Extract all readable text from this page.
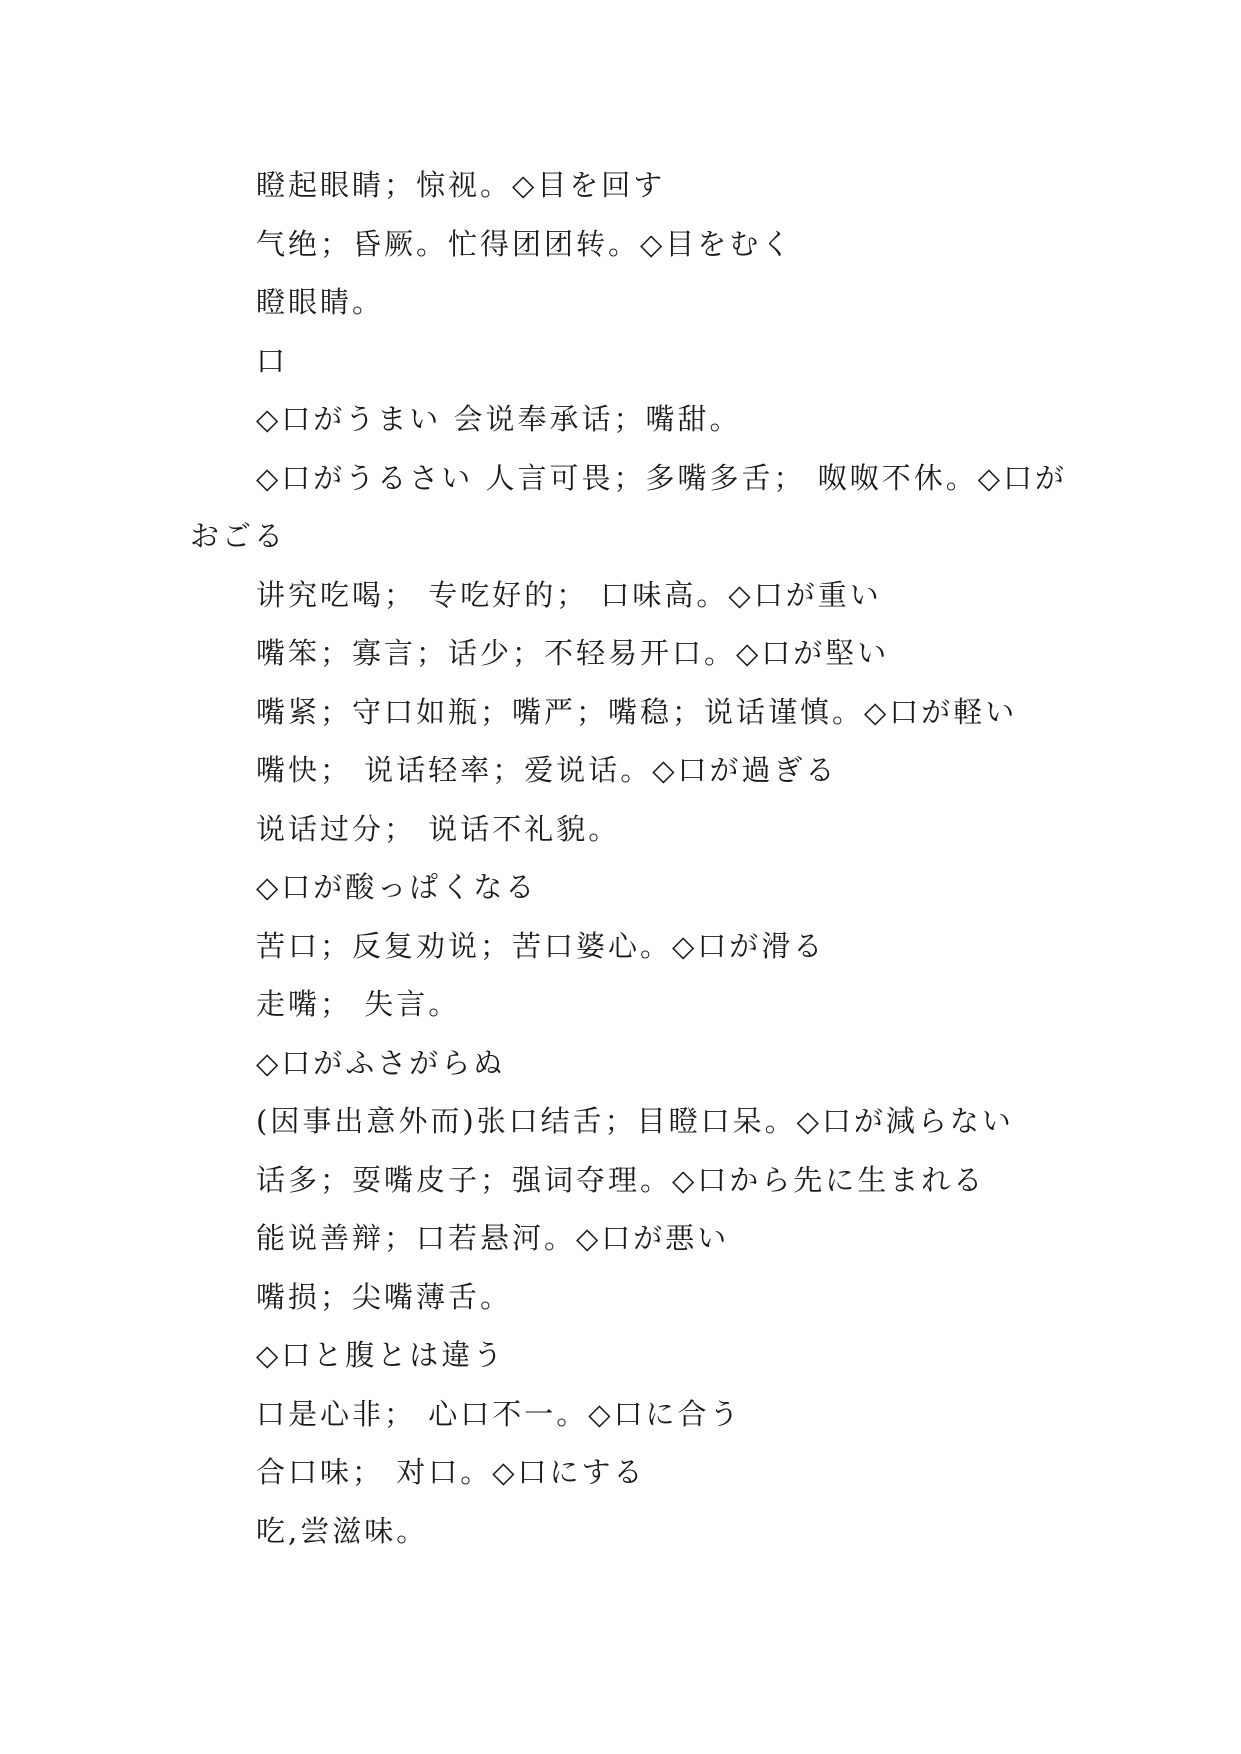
瞪起眼睛；惊视。◇目を回す

气绝；昏厥。忙得团团转。◇目をむく

瞪眼睛。

口

◇口がうまい 会说奉承话；嘴甜。

◇口がうるさい 人言可畏；多嘴多舌； 呶呶不休。◇口がおごる

讲究吃喝； 专吃好的； 口味高。◇口が重い

嘴笨；寡言；话少；不轻易开口。◇口が堅い

嘴紧；守口如瓶；嘴严；嘴稳；说话谨慎。◇口が軽い

嘴快； 说话轻率；爱说话。◇口が過ぎる

说话过分； 说话不礼貌。

◇口が酸っぱくなる

苦口；反复劝说；苦口婆心。◇口が滑る

走嘴； 失言。

◇口がふさがらぬ

(因事出意外而)张口结舌；目瞪口呆。◇口が減らない

话多；耍嘴皮子；强词夺理。◇口から先に生まれる

能说善辩；口若悬河。◇口が悪い

嘴损；尖嘴薄舌。

◇口と腹とは違う

口是心非； 心口不一。◇口に合う

合口味； 对口。◇口にする

吃,尝滋味。
